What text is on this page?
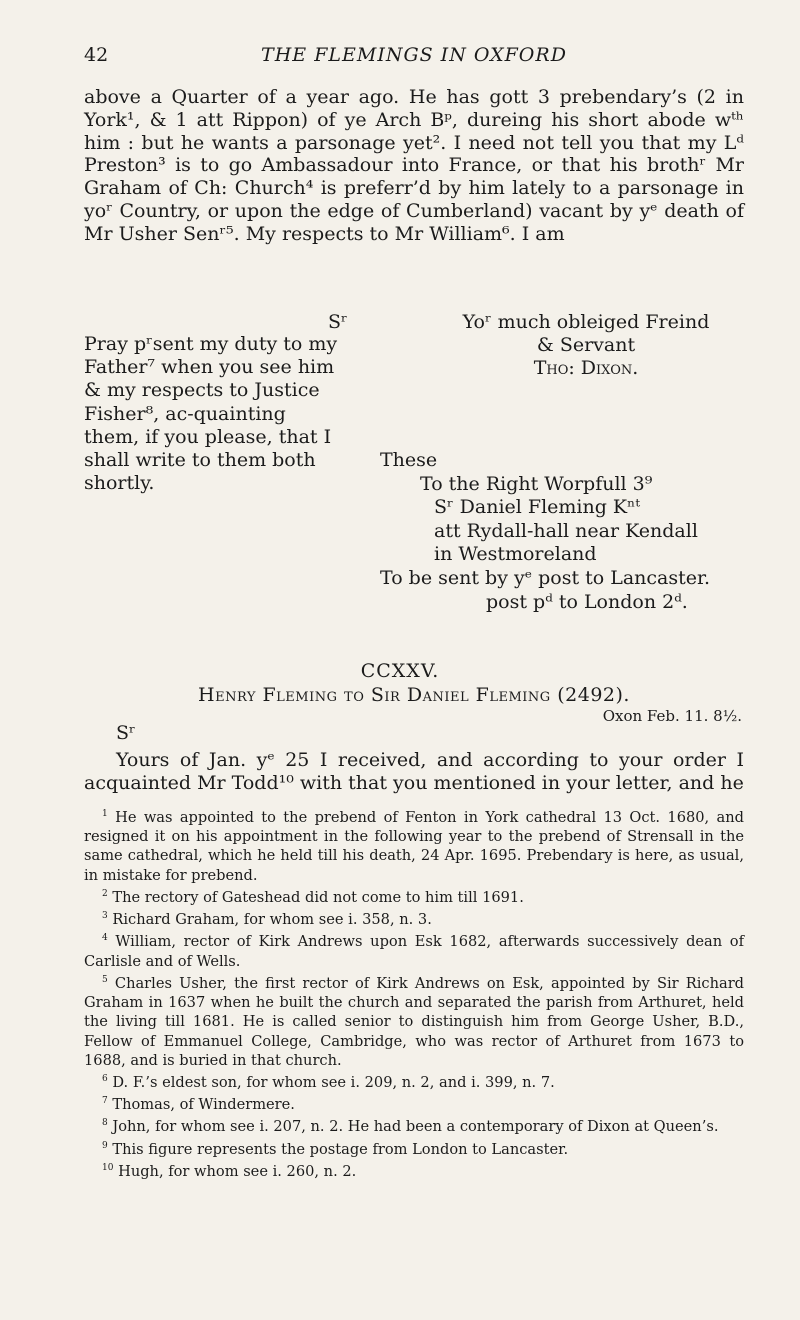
42	THE FLEMINGS IN OXFORD
above a Quarter of a year ago. He has gott 3 prebendary’s (2 in York¹, & 1 att Rippon) of ye Arch Bᵖ, dureing his short abode wᵗʰ him : but he wants a parsonage yet². I need not tell you that my Lᵈ Preston³ is to go Ambassadour into France, or that his brothʳ Mr Graham of Ch: Church⁴ is preferr’d by him lately to a parsonage in yoʳ Country, or upon the edge of Cumberland) vacant by yᵉ death of Mr Usher Senʳ⁵. My respects to Mr William⁶. I am
Sʳ	Yoʳ much obleiged Freind
& Servant
Tho: Dixon.
Pray pʳsent my duty to my Father⁷ when you see him & my respects to Justice Fisher⁸, ac-quainting them, if you please, that I shall write to them both shortly.
These
To the Right Worpfull 3⁹
Sʳ Daniel Fleming Kⁿᵗ
att Rydall-hall near Kendall
in Westmoreland
To be sent by yᵉ post to Lancaster.
post pᵈ to London 2ᵈ.
CCXXV.
Henry Fleming to Sir Daniel Fleming (2492).
Oxon Feb. 11. 8½.
Sʳ
Yours of Jan. yᵉ 25 I received, and according to your order I acquainted Mr Todd¹⁰ with that you mentioned in your letter, and he

$^1$ He was appointed to the prebend of Fenton in York cathedral 13 Oct. 1680, and resigned it on his appointment in the following year to the prebend of Strensall in the same cathedral, which he held till his death, 24 Apr. 1695. Prebendary is here, as usual, in mistake for prebend.

$^2$ The rectory of Gateshead did not come to him till 1691.

$^3$ Richard Graham, for whom see i. 358, n. 3.

$^4$ William, rector of Kirk Andrews upon Esk 1682, afterwards successively dean of Carlisle and of Wells.

$^5$ Charles Usher, the first rector of Kirk Andrews on Esk, appointed by Sir Richard Graham in 1637 when he built the church and separated the parish from Arthuret, held the living till 1681. He is called senior to distinguish him from George Usher, B.D., Fellow of Emmanuel College, Cambridge, who was rector of Arthuret from 1673 to 1688, and is buried in that church.

$^6$ D. F.’s eldest son, for whom see i. 209, n. 2, and i. 399, n. 7.

$^7$ Thomas, of Windermere.

$^8$ John, for whom see i. 207, n. 2. He had been a contemporary of Dixon at Queen’s.

$^9$ This figure represents the postage from London to Lancaster.

$^{10}$ Hugh, for whom see i. 260, n. 2.
